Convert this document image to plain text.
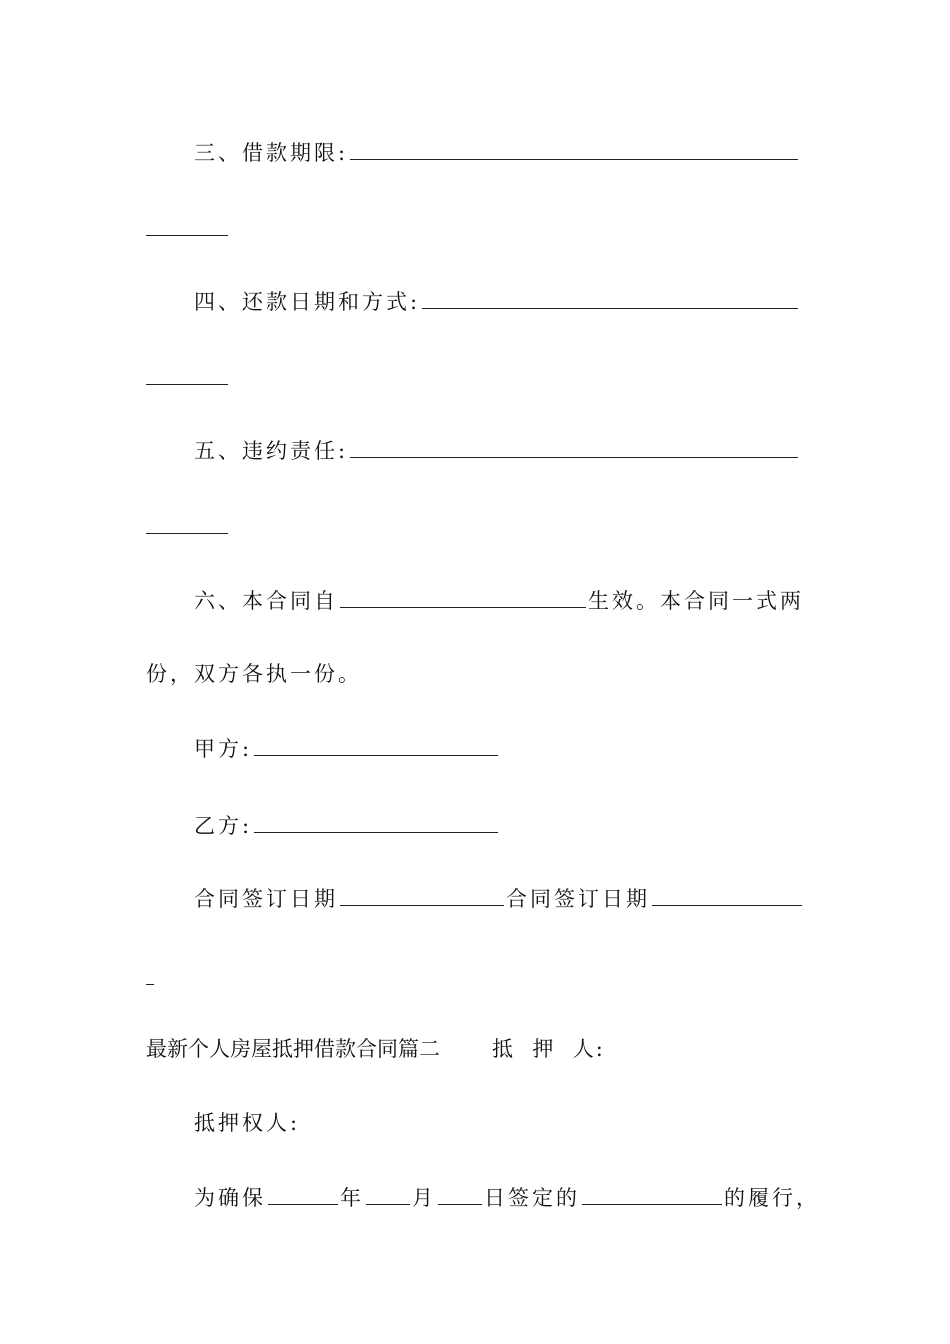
三、借款期限:
四、还款日期和方式:
五、违约责任:
六、本合同自	生效。本合同一式两
份，双方各执一份。
甲方:
乙方:
合同签订日期	合同签订日期
最新个人房屋抵押借款合同篇二 抵  押  人:
抵押权人:
为确保	年 月 日签定的	的履行，
